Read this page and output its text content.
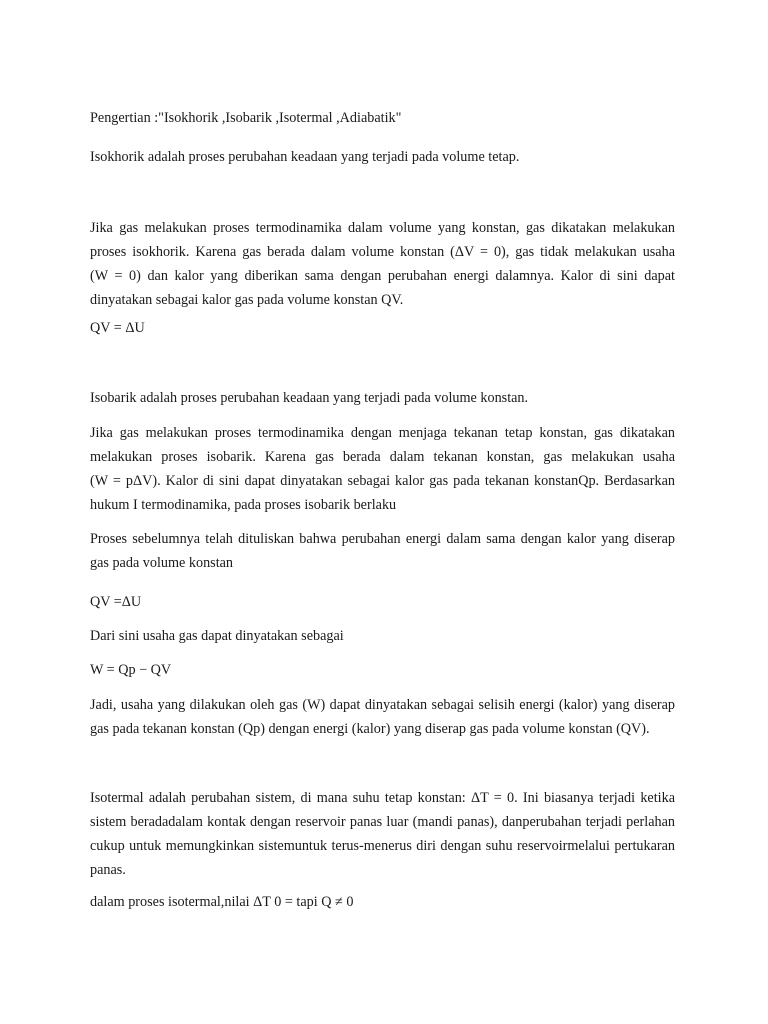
Pengertian :"Isokhorik ,Isobarik ,Isotermal ,Adiabatik"
Isokhorik adalah proses perubahan keadaan yang terjadi pada volume tetap.
Jika gas melakukan proses termodinamika dalam volume yang konstan, gas dikatakan melakukan
proses isokhorik. Karena gas berada dalam volume konstan (ΔV = 0), gas tidak melakukan usaha
(W = 0) dan kalor yang diberikan sama dengan perubahan energi dalamnya. Kalor di sini dapat
dinyatakan sebagai kalor gas pada volume konstan QV.
QV = ΔU
Isobarik adalah proses perubahan keadaan yang terjadi pada volume konstan.
Jika gas melakukan proses termodinamika dengan menjaga tekanan tetap konstan, gas dikatakan
melakukan proses isobarik. Karena gas berada dalam tekanan konstan, gas melakukan usaha
(W = pΔV). Kalor di sini dapat dinyatakan sebagai kalor gas pada tekanan konstanQp. Berdasarkan
hukum I termodinamika, pada proses isobarik berlaku
Proses sebelumnya telah dituliskan bahwa perubahan energi dalam sama dengan kalor yang diserap
gas pada volume konstan
QV =ΔU
Dari sini usaha gas dapat dinyatakan sebagai
W = Qp − QV
Jadi, usaha yang dilakukan oleh gas (W) dapat dinyatakan sebagai selisih energi (kalor) yang diserap
gas pada tekanan konstan (Qp) dengan energi (kalor) yang diserap gas pada volume konstan (QV).
Isotermal adalah perubahan sistem, di mana suhu tetap konstan: ΔT = 0. Ini biasanya terjadi ketika
sistem beradadalam kontak dengan reservoir panas luar (mandi panas), danperubahan terjadi perlahan
cukup untuk memungkinkan sistemuntuk terus-menerus diri dengan suhu reservoirmelalui pertukaran
panas.
dalam proses isotermal,nilai ΔT 0 = tapi Q ≠ 0
